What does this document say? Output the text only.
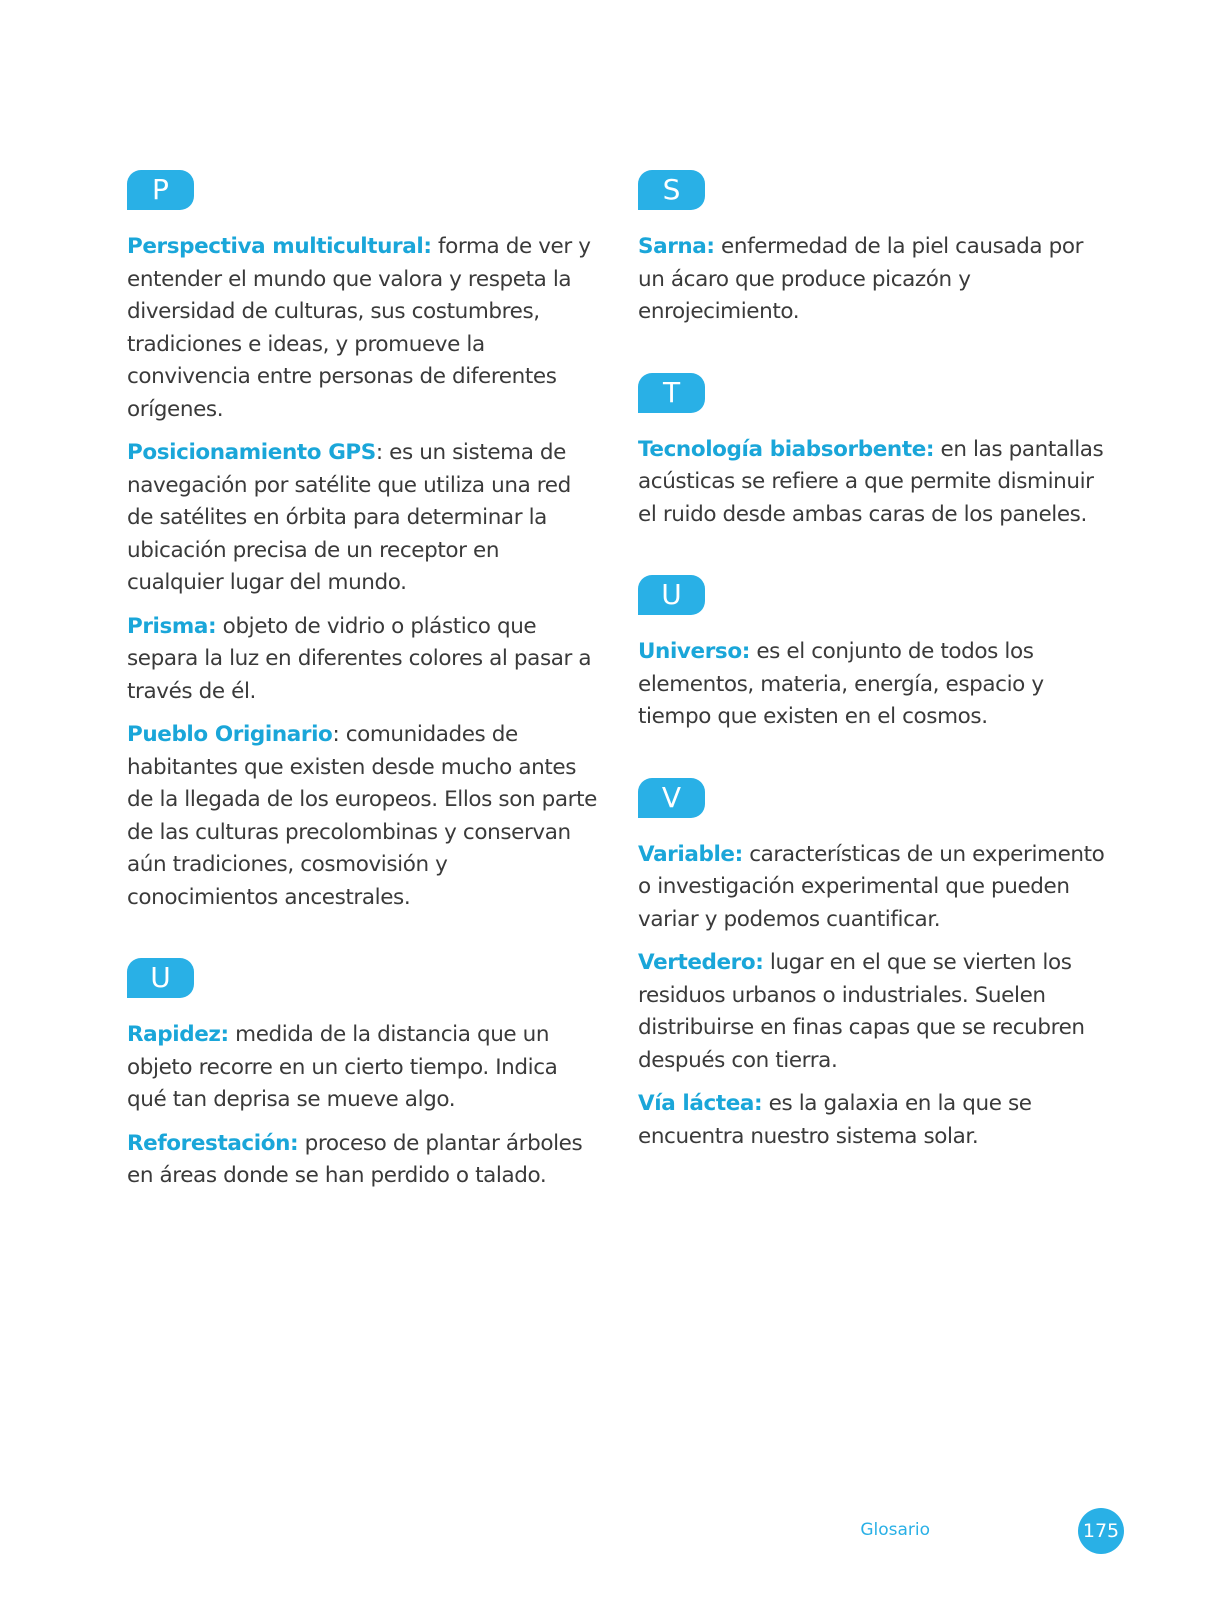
P

Perspectiva multicultural: forma de ver y entender el mundo que valora y respeta la diversidad de culturas, sus costumbres, tradiciones e ideas, y promueve la convivencia entre personas de diferentes orígenes.

Posicionamiento GPS: es un sistema de navegación por satélite que utiliza una red de satélites en órbita para determinar la ubicación precisa de un receptor en cualquier lugar del mundo.

Prisma: objeto de vidrio o plástico que separa la luz en diferentes colores al pasar a través de él.

Pueblo Originario: comunidades de habitantes que existen desde mucho antes de la llegada de los europeos. Ellos son parte de las culturas precolombinas y conservan aún tradiciones, cosmovisión y conocimientos ancestrales.

U

Rapidez: medida de la distancia que un objeto recorre en un cierto tiempo. Indica qué tan deprisa se mueve algo.

Reforestación: proceso de plantar árboles en áreas donde se han perdido o talado.

S

Sarna: enfermedad de la piel causada por un ácaro que produce picazón y enrojecimiento.

T

Tecnología biabsorbente: en las pantallas acústicas se refiere a que permite disminuir el ruido desde ambas caras de los paneles.

U

Universo: es el conjunto de todos los elementos, materia, energía, espacio y tiempo que existen en el cosmos.

V

Variable: características de un experimento o investigación experimental que pueden variar y podemos cuantificar.

Vertedero: lugar en el que se vierten los residuos urbanos o industriales. Suelen distribuirse en finas capas que se recubren después con tierra.

Vía láctea: es la galaxia en la que se encuentra nuestro sistema solar.

Glosario	175
